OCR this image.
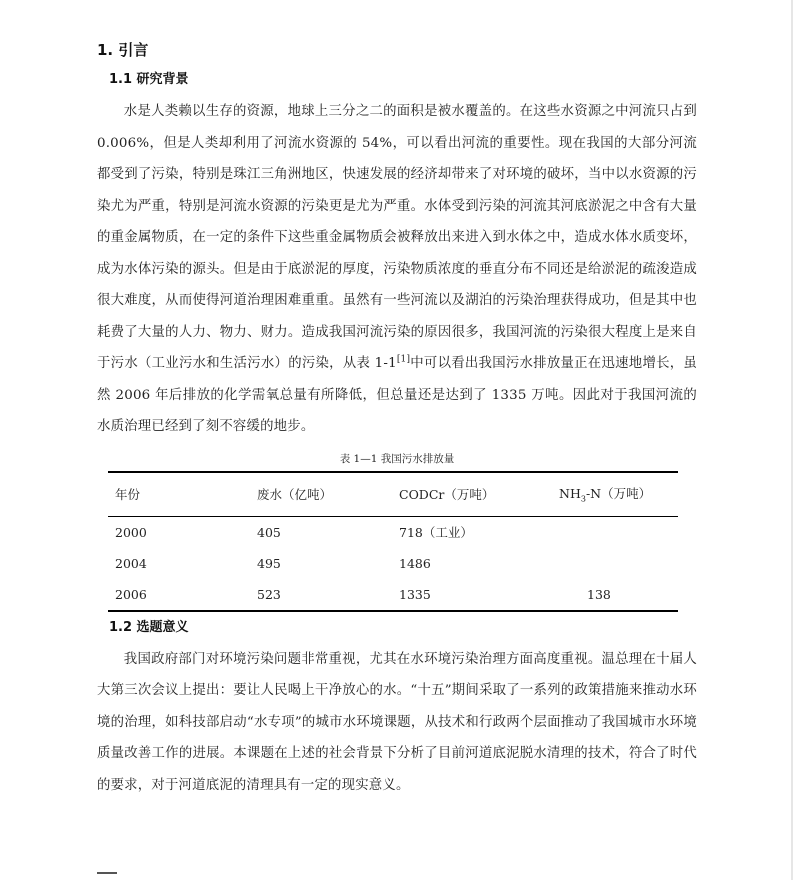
1. 引言
1.1 研究背景

水是人类赖以生存的资源，地球上三分之二的面积是被水覆盖的。在这些水资源之中河流只占到 0.006%，但是人类却利用了河流水资源的 54%，可以看出河流的重要性。现在我国的大部分河流都受到了污染，特别是珠江三角洲地区，快速发展的经济却带来了对环境的破坏，当中以水资源的污染尤为严重，特别是河流水资源的污染更是尤为严重。水体受到污染的河流其河底淤泥之中含有大量的重金属物质，在一定的条件下这些重金属物质会被释放出来进入到水体之中，造成水体水质变坏，成为水体污染的源头。但是由于底淤泥的厚度，污染物质浓度的垂直分布不同还是给淤泥的疏浚造成很大难度，从而使得河道治理困难重重。虽然有一些河流以及湖泊的污染治理获得成功，但是其中也耗费了大量的人力、物力、财力。造成我国河流污染的原因很多，我国河流的污染很大程度上是来自于污水（工业污水和生活污水）的污染，从表 1-1[1]中可以看出我国污水排放量正在迅速地增长，虽然 2006 年后排放的化学需氧总量有所降低，但总量还是达到了 1335 万吨。因此对于我国河流的水质治理已经到了刻不容缓的地步。

表 1—1 我国污水排放量
年份	废水（亿吨）	CODCr（万吨）	$NH_3-N$（万吨）
2000	405	718（工业）	
2004	495	1486	
2006	523	1335	138
1.2 选题意义

我国政府部门对环境污染问题非常重视，尤其在水环境污染治理方面高度重视。温总理在十届人大第三次会议上提出：要让人民喝上干净放心的水。“十五”期间采取了一系列的政策措施来推动水环境的治理，如科技部启动“水专项”的城市水环境课题，从技术和行政两个层面推动了我国城市水环境质量改善工作的进展。本课题在上述的社会背景下分析了目前河道底泥脱水清理的技术，符合了时代的要求，对于河道底泥的清理具有一定的现实意义。
